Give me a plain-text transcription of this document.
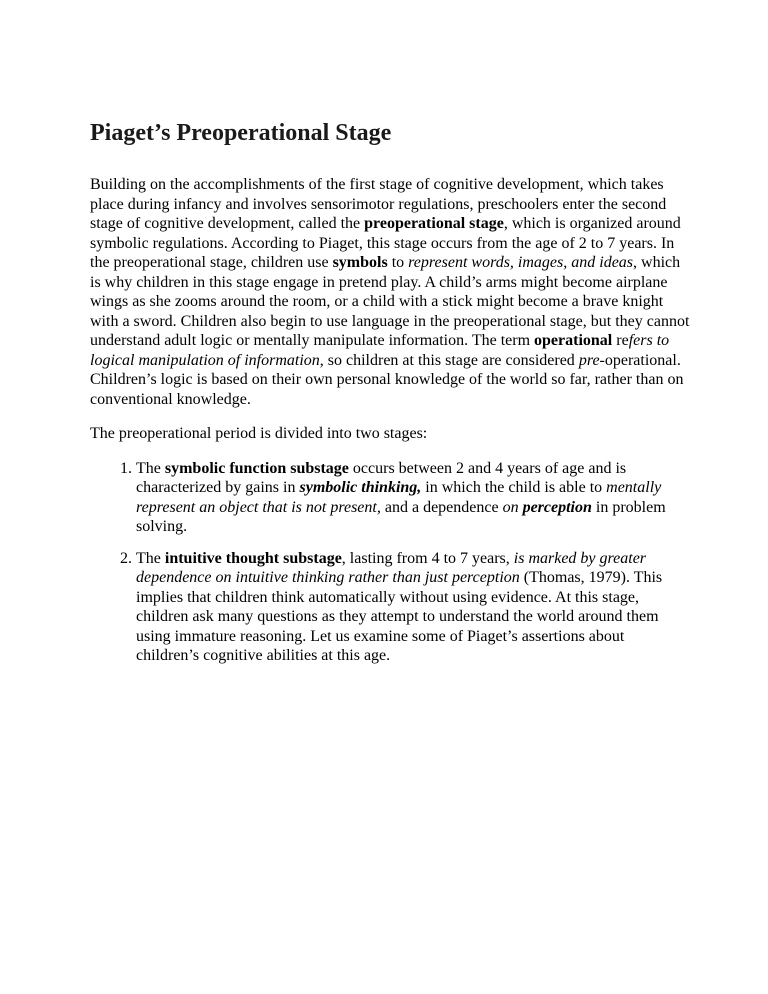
Piaget’s Preoperational Stage

Building on the accomplishments of the first stage of cognitive development, which takes place during infancy and involves sensorimotor regulations, preschoolers enter the second stage of cognitive development, called the preoperational stage, which is organized around symbolic regulations. According to Piaget, this stage occurs from the age of 2 to 7 years. In the preoperational stage, children use symbols to represent words, images, and ideas, which is why children in this stage engage in pretend play. A child’s arms might become airplane wings as she zooms around the room, or a child with a stick might become a brave knight with a sword. Children also begin to use language in the preoperational stage, but they cannot understand adult logic or mentally manipulate information. The term operational refers to logical manipulation of information, so children at this stage are considered pre-operational. Children’s logic is based on their own personal knowledge of the world so far, rather than on conventional knowledge.

The preoperational period is divided into two stages:

1. The symbolic function substage occurs between 2 and 4 years of age and is characterized by gains in symbolic thinking, in which the child is able to mentally represent an object that is not present, and a dependence on perception in problem solving.
2. The intuitive thought substage, lasting from 4 to 7 years, is marked by greater dependence on intuitive thinking rather than just perception (Thomas, 1979). This implies that children think automatically without using evidence. At this stage, children ask many questions as they attempt to understand the world around them using immature reasoning. Let us examine some of Piaget’s assertions about children’s cognitive abilities at this age.
